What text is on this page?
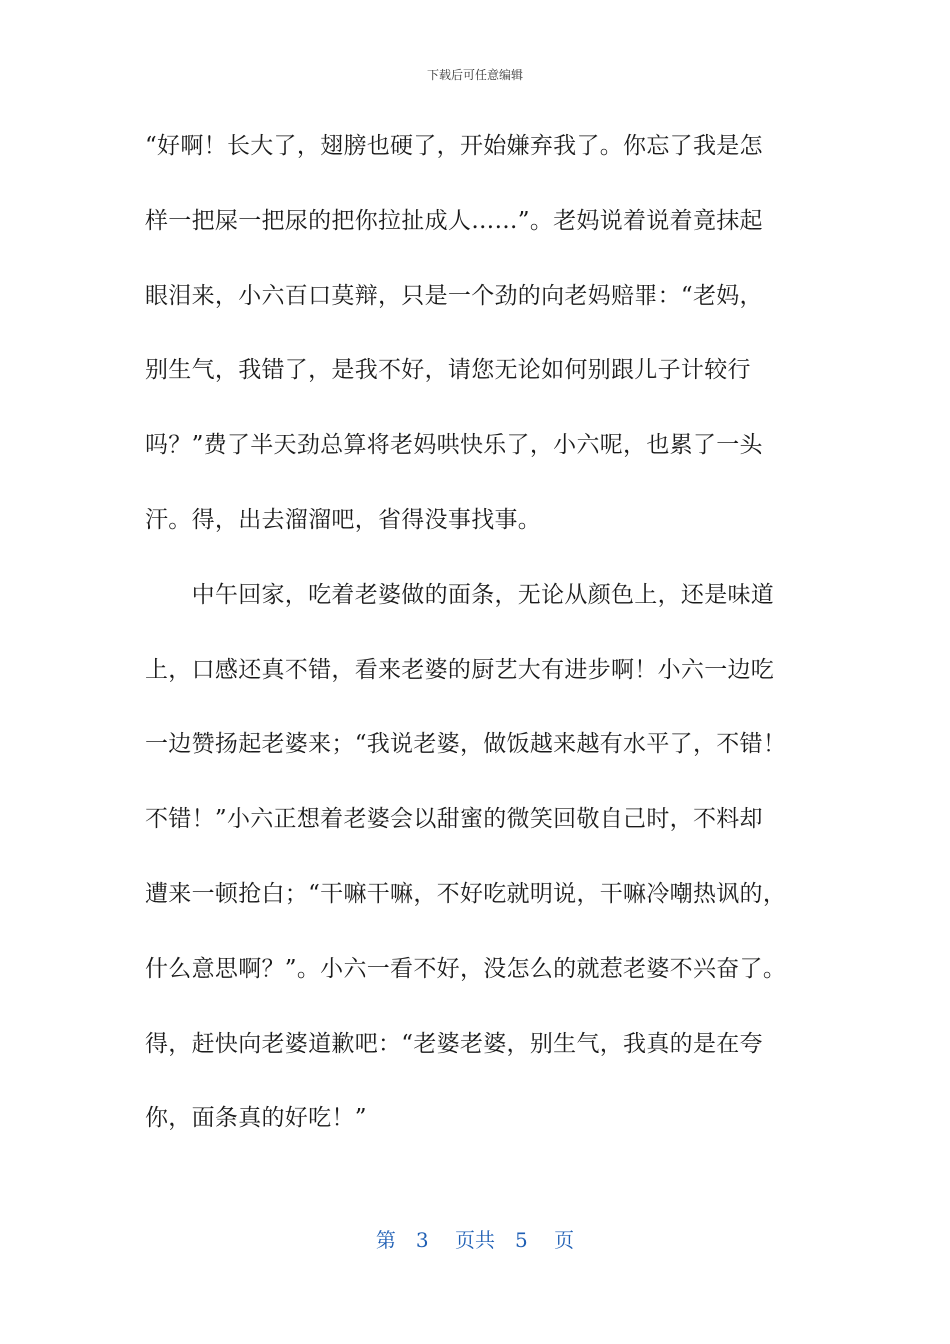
下载后可任意编辑
“好啊！长大了，翅膀也硬了，开始嫌弃我了。你忘了我是怎
样一把屎一把尿的把你拉扯成人……”。老妈说着说着竟抹起
眼泪来，小六百口莫辩，只是一个劲的向老妈赔罪：“老妈，
别生气，我错了，是我不好，请您无论如何别跟儿子计较行
吗？”费了半天劲总算将老妈哄快乐了，小六呢，也累了一头
汗。得，出去溜溜吧，省得没事找事。
　　中午回家，吃着老婆做的面条，无论从颜色上，还是味道
上，口感还真不错，看来老婆的厨艺大有进步啊！小六一边吃
一边赞扬起老婆来；“我说老婆，做饭越来越有水平了，不错！
不错！”小六正想着老婆会以甜蜜的微笑回敬自己时，不料却
遭来一顿抢白；“干嘛干嘛，不好吃就明说，干嘛冷嘲热讽的，
什么意思啊？”。小六一看不好，没怎么的就惹老婆不兴奋了。
得，赶快向老婆道歉吧：“老婆老婆，别生气，我真的是在夸
你，面条真的好吃！”
第　3　 页共　5　 页
